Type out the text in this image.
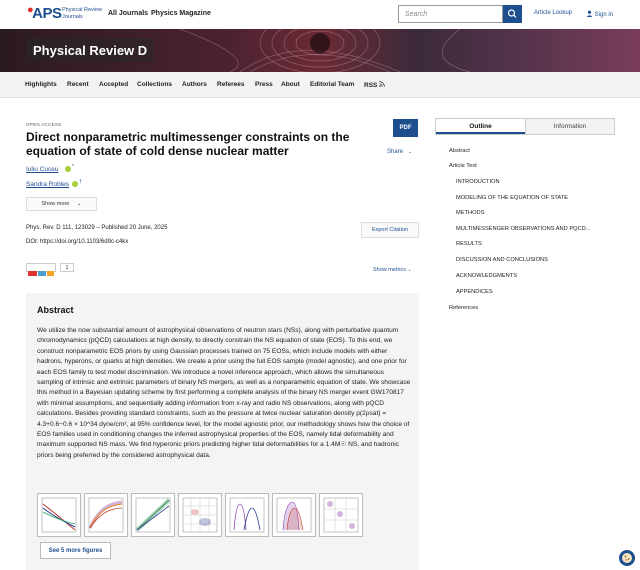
●APS Physical Review Journals	All Journals Physics Magazine	Search	Article Lookup	Sign in
Physical Review D
Highlights Recent Accepted Collections Authors Referees Press About Editorial Team RSS
OPEN ACCESS
Direct nonparametric multimessenger constraints on the equation of state of cold dense nuclear matter
Iuliu Cuceu	*
Sandra Robles †
Show more ⌄
Phys. Rev. D 111, 123029 – Published 20 June, 2025
DOI: https://doi.org/10.1103/6d9c-c4kx
PDF
Share ⌄
Export Citation
1	Show metrics ⌄
Abstract
We utilize the now substantial amount of astrophysical observations of neutron stars (NSs), along with perturbative quantum chromodynamics (pQCD) calculations at high density, to directly constrain the NS equation of state (EOS). To this end, we construct nonparametric EOS priors by using Gaussian processes trained on 75 EOSs, which include models with either hadrons, hyperons, or quarks at high densities. We create a prior using the full EOS sample (model agnostic), and one prior for each EOS family to test model discrimination. We introduce a novel inference approach, which allows the simultaneous sampling of intrinsic and extrinsic parameters of binary NS mergers, as well as a nonparametric equation of state. We showcase this method in a Bayesian updating scheme by first performing a complete analysis of the binary NS merger event GW170817 with minimal assumptions, and sequentially adding information from x-ray and radio NS observations, along with pQCD calculations. Besides providing standard constraints, such as the pressure at twice nuclear saturation density p(2ρsat) = 4.3+0.6−0.6 × 10^34 dyne/cm², at 95% confidence level, for the model agnostic prior, our methodology shows how the choice of EOS families used in conditioning changes the inferred astrophysical properties of the EOS, namely tidal deformability and maximum supported NS mass. We find hyperonic priors predicting higher tidal deformabilities for a 1.4M☉ NS, and hadronic priors being preferred by the considered astrophysical data.
See 5 more figures
Outline	Information
Abstract
Article Text
INTRODUCTION
MODELING OF THE EQUATION OF STATE
METHODS
MULTIMESSENGER OBSERVATIONS AND PQCD...
RESULTS
DISCUSSION AND CONCLUSIONS
ACKNOWLEDGMENTS
APPENDICES
References
